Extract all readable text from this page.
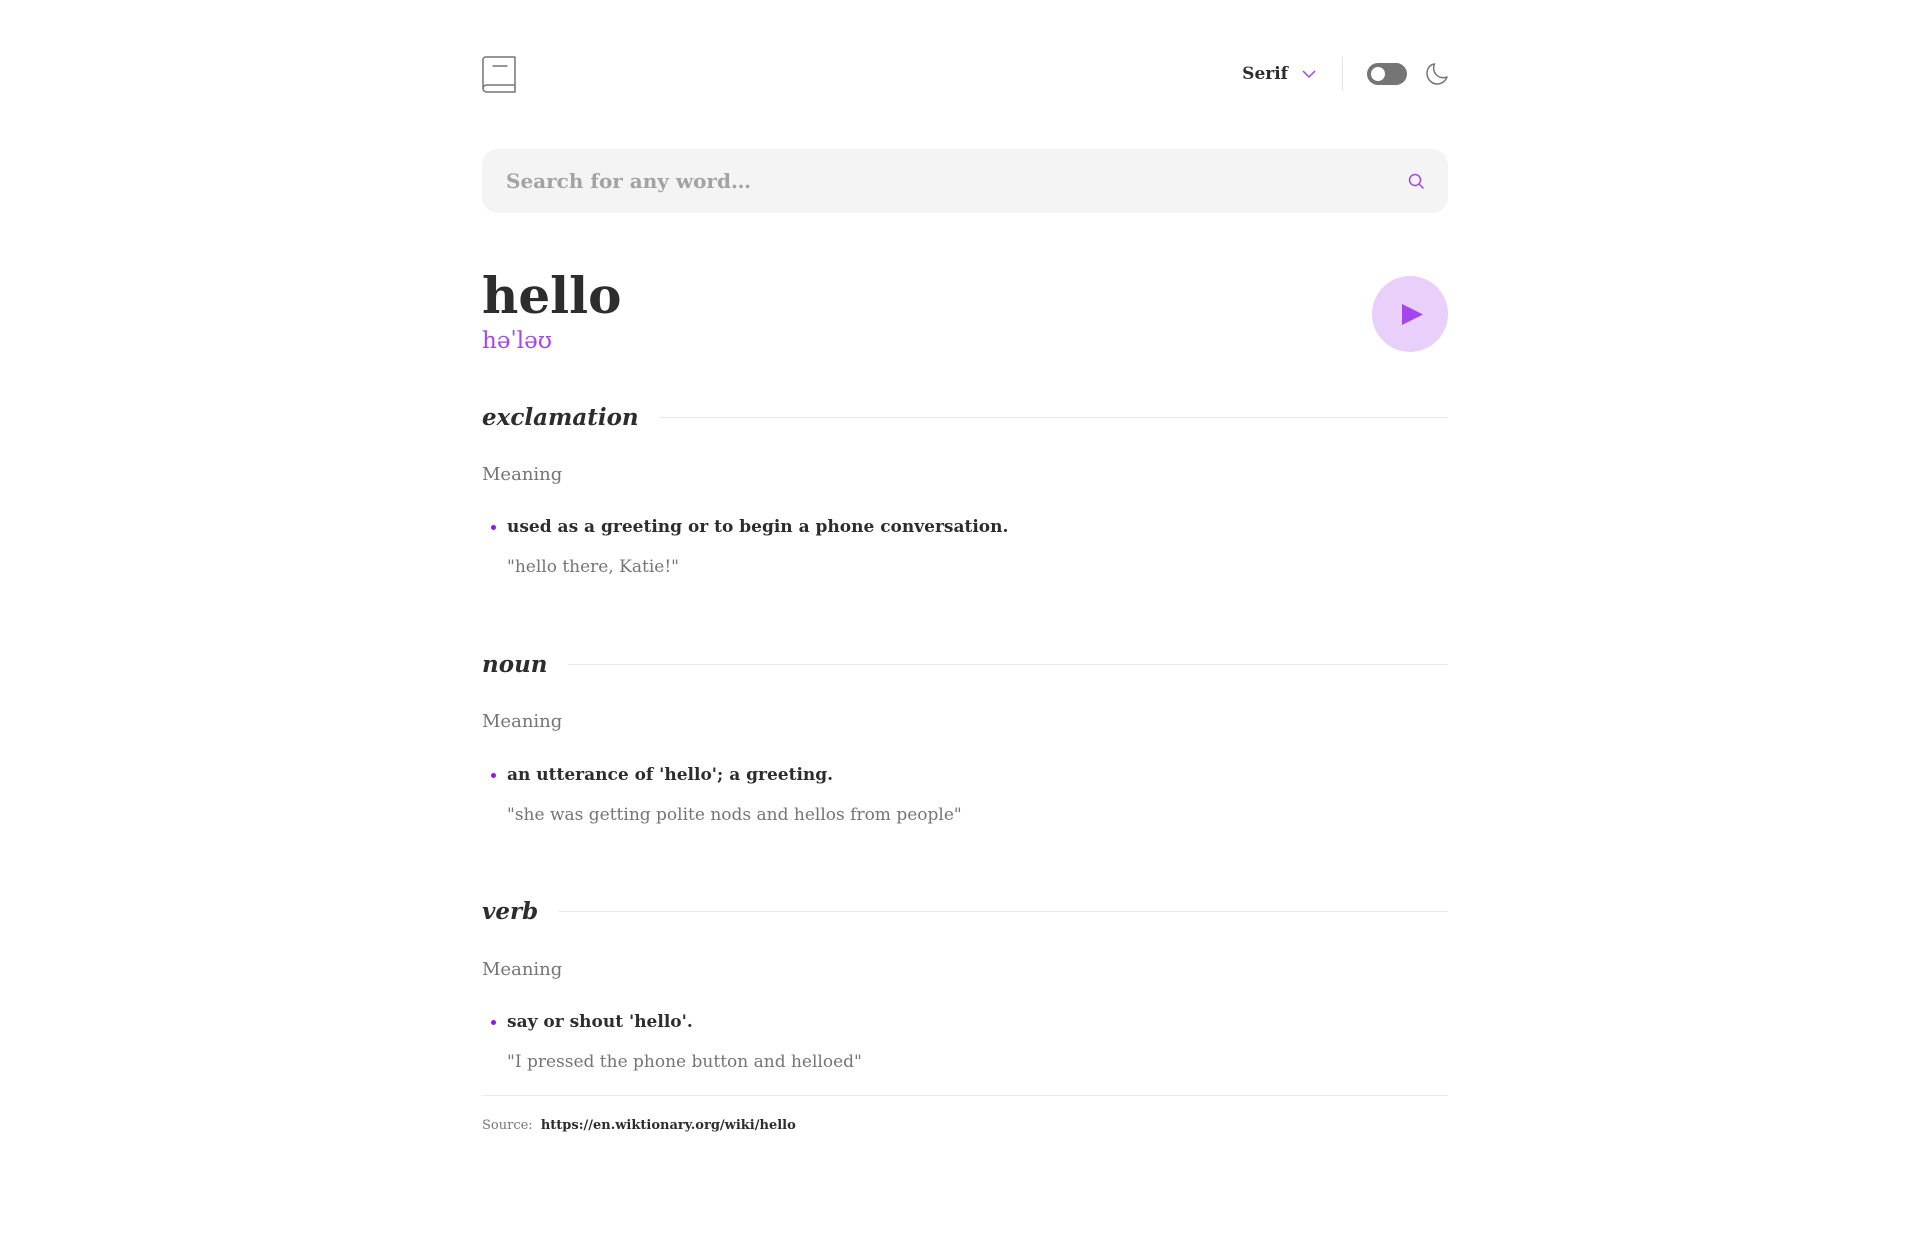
Serif
Search for any word…
hello
həˈləʊ
exclamation
Meaning
used as a greeting or to begin a phone conversation.
"hello there, Katie!"
noun
Meaning
an utterance of 'hello'; a greeting.
"she was getting polite nods and hellos from people"
verb
Meaning
say or shout 'hello'.
"I pressed the phone button and helloed"
Source: https://en.wiktionary.org/wiki/hello
